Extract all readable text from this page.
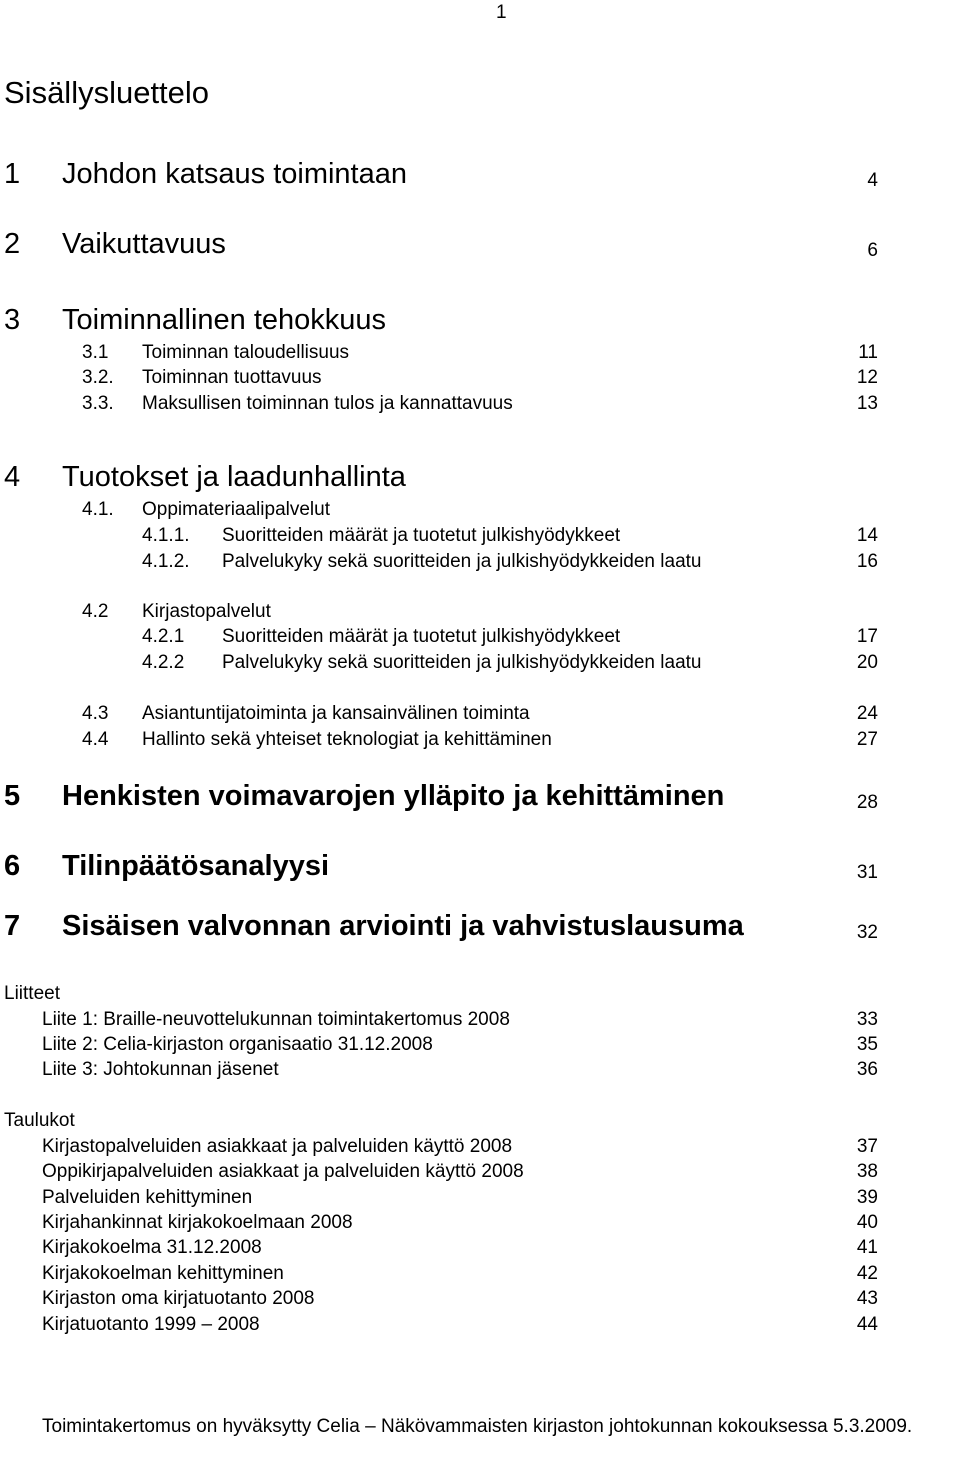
1
Sisällysluettelo
1 Johdon katsaus toimintaan	4
2 Vaikuttavuus	6
3 Toiminnallinen tehokkuus
3.1 Toiminnan taloudellisuus	11
3.2. Toiminnan tuottavuus	12
3.3. Maksullisen toiminnan tulos ja kannattavuus	13
4 Tuotokset ja laadunhallinta
4.1. Oppimateriaalipalvelut
4.1.1. Suoritteiden määrät ja tuotetut julkishyödykkeet	14
4.1.2. Palvelukyky sekä suoritteiden ja julkishyödykkeiden laatu	16
4.2 Kirjastopalvelut
4.2.1 Suoritteiden määrät ja tuotetut julkishyödykkeet	17
4.2.2 Palvelukyky sekä suoritteiden ja julkishyödykkeiden laatu	20
4.3 Asiantuntijatoiminta ja kansainvälinen toiminta	24
4.4 Hallinto sekä yhteiset teknologiat ja kehittäminen	27
5 Henkisten voimavarojen ylläpito ja kehittäminen	28
6 Tilinpäätösanalyysi	31
7 Sisäisen valvonnan arviointi ja vahvistuslausuma	32
Liitteet
Liite 1: Braille-neuvottelukunnan toimintakertomus 2008	33
Liite 2: Celia-kirjaston organisaatio 31.12.2008	35
Liite 3: Johtokunnan jäsenet	36
Taulukot
Kirjastopalveluiden asiakkaat ja palveluiden käyttö 2008	37
Oppikirjapalveluiden asiakkaat ja palveluiden käyttö 2008	38
Palveluiden kehittyminen	39
Kirjahankinnat kirjakokoelmaan 2008	40
Kirjakokoelma 31.12.2008	41
Kirjakokoelman kehittyminen	42
Kirjaston oma kirjatuotanto 2008	43
Kirjatuotanto 1999 – 2008	44
Toimintakertomus on hyväksytty Celia – Näkövammaisten kirjaston johtokunnan kokouksessa 5.3.2009.
